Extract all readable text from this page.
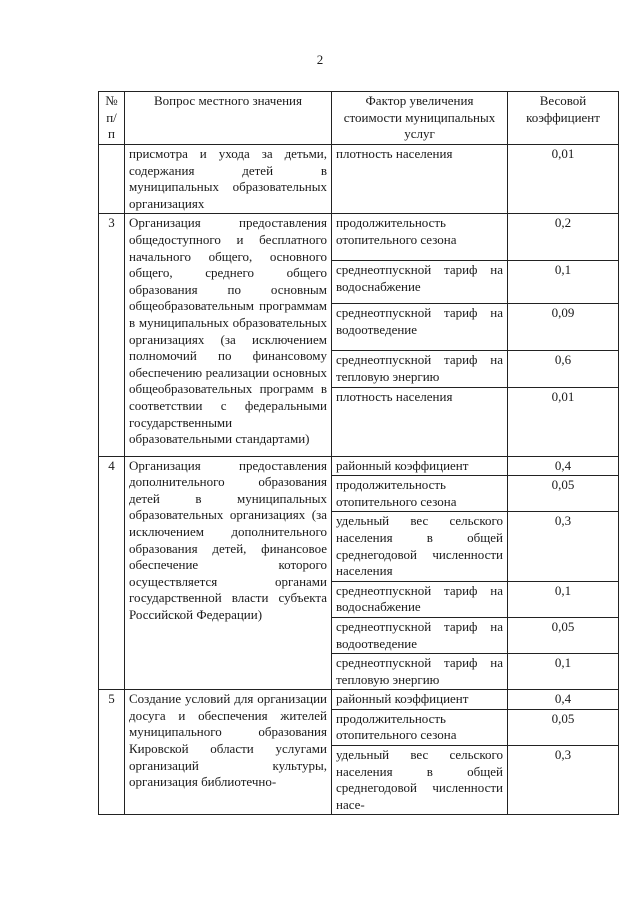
2
№ п/п	Вопрос местного значения	Фактор увеличения стоимости муниципальных услуг	Весовой коэффициент
	присмотра и ухода за детьми, содержания детей в муниципальных образовательных организациях	плотность населения	0,01
3	Организация предоставления общедоступного и бесплатного начального общего, основного общего, среднего общего образования по основным общеобразовательным программам в муниципальных образовательных организациях (за исключением полномочий по финансовому обеспечению реализации основных общеобразовательных программ в соответствии с федеральными государственными образовательными стандартами)	продолжительность отопительного сезона	0,2
		среднеотпускной тариф на водоснабжение	0,1
		среднеотпускной тариф на водоотведение	0,09
		среднеотпускной тариф на тепловую энергию	0,6
		плотность населения	0,01
4	Организация предоставления дополнительного образования детей в муниципальных образовательных организациях (за исключением дополнительного образования детей, финансовое обеспечение которого осуществляется органами государственной власти субъекта Российской Федерации)	районный коэффициент	0,4
		продолжительность отопительного сезона	0,05
		удельный вес сельского населения в общей среднегодовой численности населения	0,3
		среднеотпускной тариф на водоснабжение	0,1
		среднеотпускной тариф на водоотведение	0,05
		среднеотпускной тариф на тепловую энергию	0,1
5	Создание условий для организации досуга и обеспечения жителей муниципального образования Кировской области услугами организаций культуры, организация библиотечно-	районный коэффициент	0,4
		продолжительность отопительного сезона	0,05
		удельный вес сельского населения в общей среднегодовой численности насе-	0,3
